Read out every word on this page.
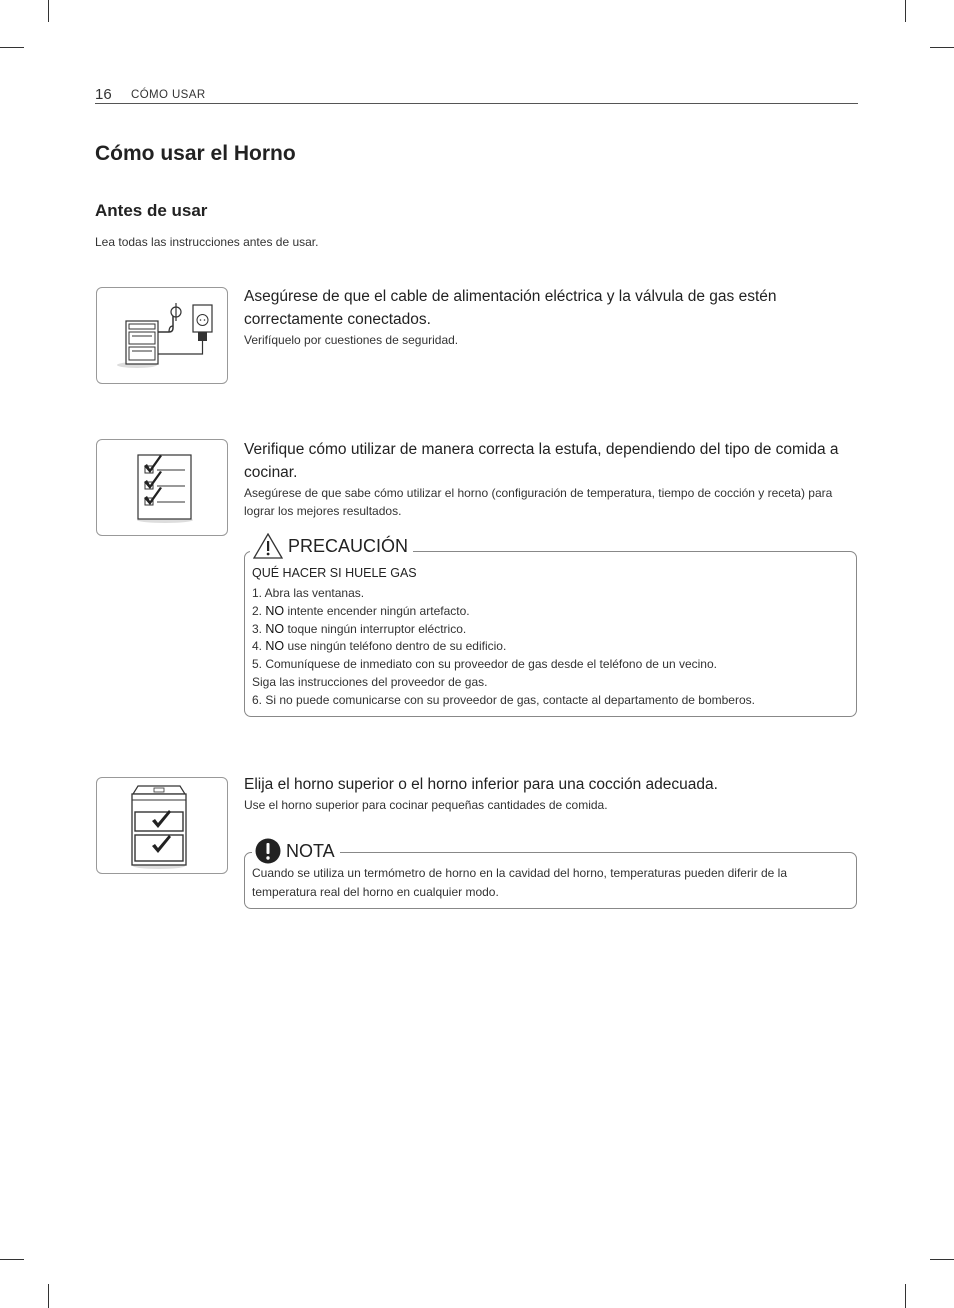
16 CÓMO USAR
Cómo usar el Horno
Antes de usar
Lea todas las instrucciones antes de usar.
Asegúrese de que el cable de alimentación eléctrica y la válvula de gas estén correctamente conectados.
Verifíquelo por cuestiones de seguridad.
Verifique cómo utilizar de manera correcta la estufa, dependiendo del tipo de comida a cocinar.
Asegúrese de que sabe cómo utilizar el horno (configuración de temperatura, tiempo de cocción y receta) para lograr los mejores resultados.
PRECAUCIÓN
QUÉ HACER SI HUELE GAS
1. Abra las ventanas.
2. NO intente encender ningún artefacto.
3. NO toque ningún interruptor eléctrico.
4. NO use ningún teléfono dentro de su edificio.
5. Comuníquese de inmediato con su proveedor de gas desde el teléfono de un vecino.
Siga las instrucciones del proveedor de gas.
6. Si no puede comunicarse con su proveedor de gas, contacte al departamento de bomberos.
Elija el horno superior o el horno inferior para una cocción adecuada.
Use el horno superior para cocinar pequeñas cantidades de comida.
NOTA
Cuando se utiliza un termómetro de horno en la cavidad del horno, temperaturas pueden diferir de la temperatura real del horno en cualquier modo.
